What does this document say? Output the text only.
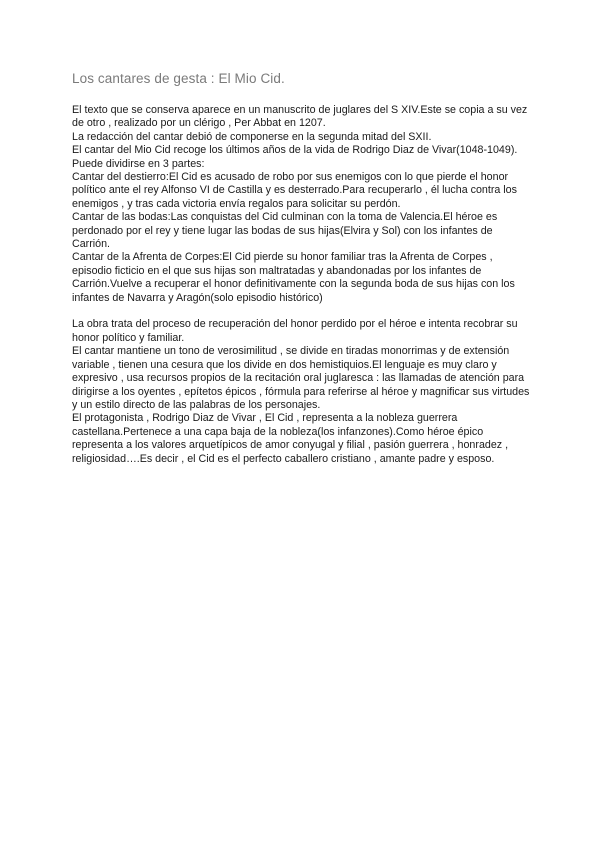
Los cantares de gesta : El Mio Cid.

El texto que se conserva aparece en un manuscrito de juglares del S XIV.Este se copia a su vez de otro , realizado por un clérigo , Per Abbat en 1207.

La redacción del cantar debió de componerse en la segunda mitad del SXII.

El cantar del Mio Cid recoge los últimos años de la vida de Rodrigo Diaz de Vivar(1048-1049).

Puede dividirse en 3 partes:

Cantar del destierro:El Cid es acusado de robo por sus enemigos con lo que pierde el honor político ante el rey Alfonso VI de Castilla y es desterrado.Para recuperarlo , él lucha contra los enemigos , y tras cada victoria envía regalos para solicitar su perdón.

Cantar de las bodas:Las conquistas del Cid culminan con la toma de Valencia.El héroe es perdonado por el rey y tiene lugar las bodas de sus hijas(Elvira y Sol) con los infantes de Carrión.

Cantar de la Afrenta de Corpes:El Cid pierde su honor familiar tras la Afrenta de Corpes , episodio ficticio en el que sus hijas son maltratadas y abandonadas por los infantes de Carrión.Vuelve a recuperar el honor definitivamente con la segunda boda de sus hijas con los infantes de Navarra y Aragón(solo episodio histórico)

La obra trata del proceso de recuperación del honor perdido por el héroe e intenta recobrar su honor político y familiar.

El cantar mantiene un tono de verosimilitud , se divide en tiradas monorrimas y de extensión variable , tienen una cesura que los divide en dos hemistiquios.El lenguaje es muy claro y expresivo , usa recursos propios de la recitación oral juglaresca : las llamadas de atención para dirigirse a los oyentes , epítetos épicos , fórmula para referirse al héroe y magnificar sus virtudes y un estilo directo de las palabras de los personajes.

El protagonista , Rodrigo Diaz de Vivar , El Cid , representa a la nobleza guerrera castellana.Pertenece a una capa baja de la nobleza(los infanzones).Como héroe épico representa a los valores arquetípicos de amor conyugal y filial , pasión guerrera , honradez , religiosidad….Es decir , el Cid es el perfecto caballero cristiano , amante padre y esposo.
